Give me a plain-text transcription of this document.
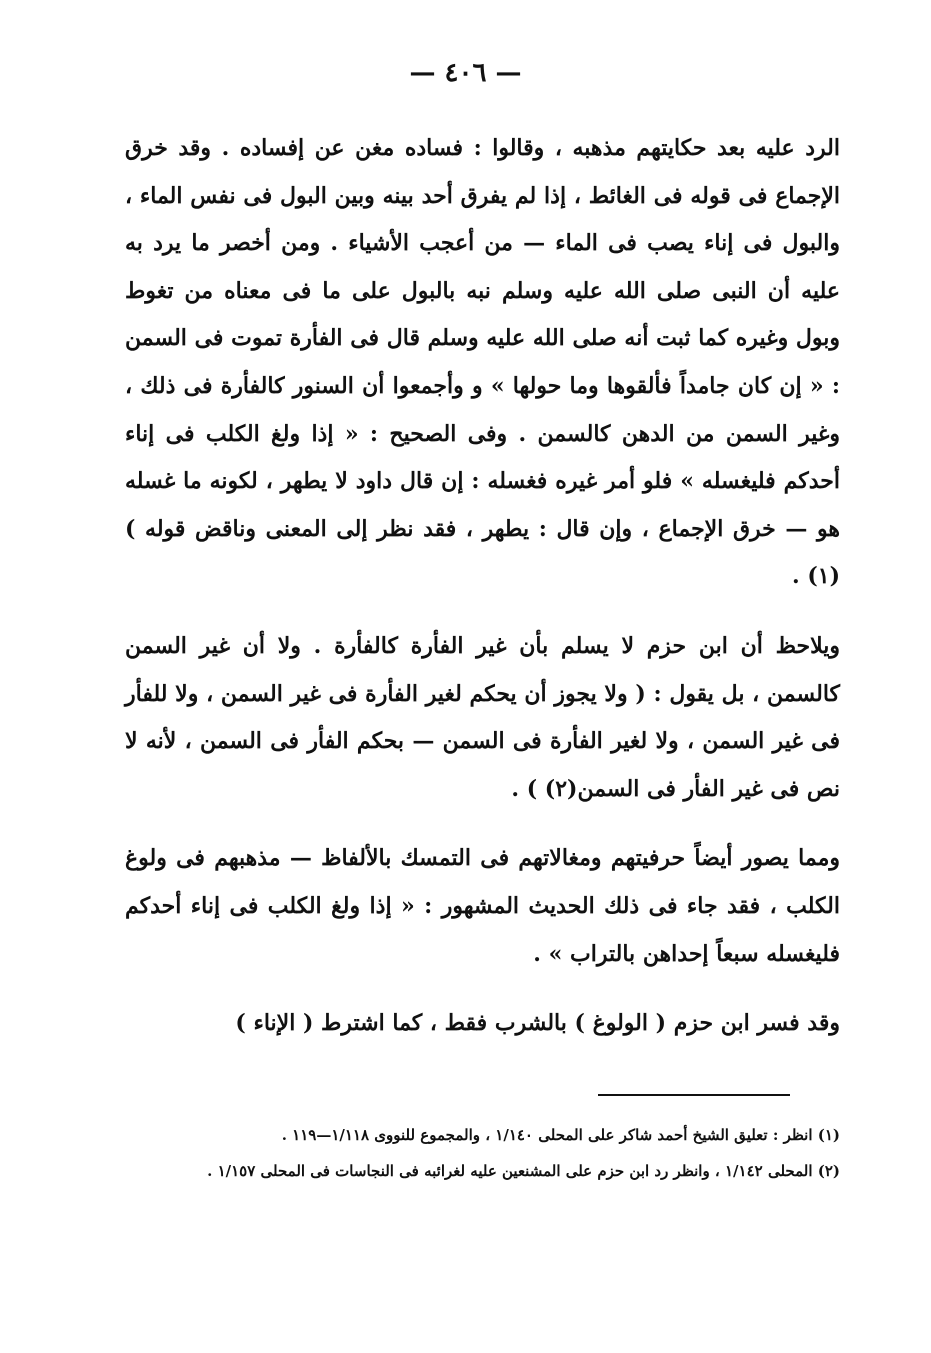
— ٤٠٦ —

الرد عليه بعد حكايتهم مذهبه ، وقالوا : فساده مغن عن إفساده . وقد خرق الإجماع فى قوله فى الغائط ، إذا لم يفرق أحد بينه وبين البول فى نفس الماء ، والبول فى إناء يصب فى الماء — من أعجب الأشياء . ومن أخصر ما يرد به عليه أن النبى صلى الله عليه وسلم نبه بالبول على ما فى معناه من تغوط وبول وغيره كما ثبت أنه صلى الله عليه وسلم قال فى الفأرة تموت فى السمن : « إن كان جامداً فألقوها وما حولها » و وأجمعوا أن السنور كالفأرة فى ذلك ، وغير السمن من الدهن كالسمن . وفى الصحيح : « إذا ولغ الكلب فى إناء أحدكم فليغسله » فلو أمر غيره فغسله : إن قال داود لا يطهر ، لكونه ما غسله هو — خرق الإجماع ، وإن قال : يطهر ، فقد نظر إلى المعنى وناقض قوله )(١) .

ويلاحظ أن ابن حزم لا يسلم بأن غير الفأرة كالفأرة . ولا أن غير السمن كالسمن ، بل يقول : ( ولا يجوز أن يحكم لغير الفأرة فى غير السمن ، ولا للفأر فى غير السمن ، ولا لغير الفأرة فى السمن — بحكم الفأر فى السمن ، لأنه لا نص فى غير الفأر فى السمن(٢) ) .

ومما يصور أيضاً حرفيتهم ومغالاتهم فى التمسك بالألفاظ — مذهبهم فى ولوغ الكلب ، فقد جاء فى ذلك الحديث المشهور : « إذا ولغ الكلب فى إناء أحدكم فليغسله سبعاً إحداهن بالتراب » .

وقد فسر ابن حزم ( الولوغ ) بالشرب فقط ، كما اشترط ( الإناء )

(١) انظر : تعليق الشيخ أحمد شاكر على المحلى ١/١٤٠ ، والمجموع للنووى ١/١١٨—١١٩ .

(٢) المحلى ١/١٤٢ ، وانظر رد ابن حزم على المشنعين عليه لغرائبه فى النجاسات فى المحلى ١/١٥٧ .
